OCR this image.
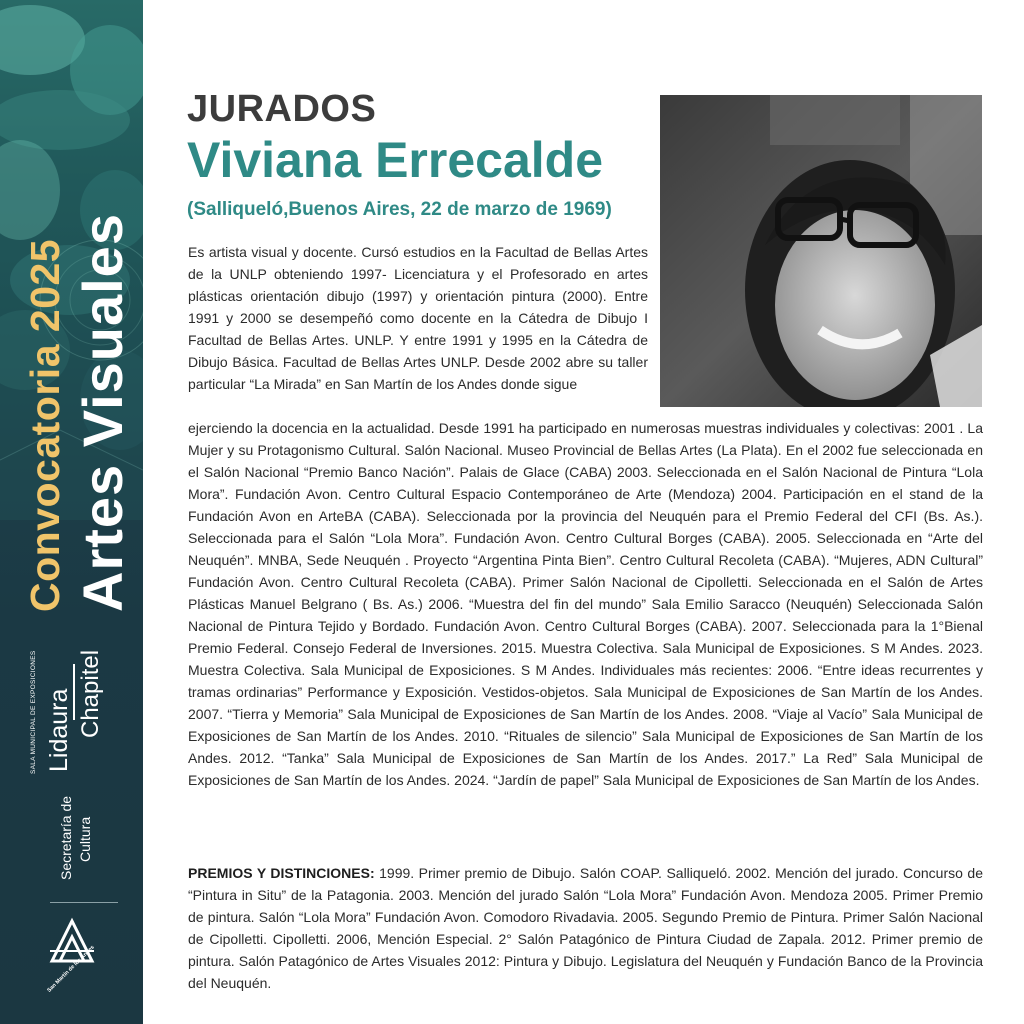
Convocatoria 2025 Artes Visuales
SALA MUNICIPAL DE EXPOSICIONES Lidaura Chapitel
Secretaría de Cultura
San Martín de los Andes
JURADOS
Viviana Errecalde
(Salliqueló,Buenos Aires, 22 de marzo de 1969)
Es artista visual y docente. Cursó estudios en la Facultad de Bellas Artes de la UNLP obteniendo 1997- Licenciatura y el Profesorado en artes plásticas orientación dibujo (1997) y orientación pintura (2000). Entre 1991 y 2000 se desempeñó como docente en la Cátedra de Dibujo I Facultad de Bellas Artes. UNLP. Y entre 1991 y 1995 en la Cátedra de Dibujo Básica. Facultad de Bellas Artes UNLP. Desde 2002 abre su taller particular “La Mirada” en San Martín de los Andes donde sigue
ejerciendo la docencia en la actualidad. Desde 1991 ha participado en numerosas muestras individuales y colectivas: 2001 . La Mujer y su Protagonismo Cultural. Salón Nacional. Museo Provincial de Bellas Artes (La Plata). En el 2002 fue seleccionada en el Salón Nacional “Premio Banco Nación”. Palais de Glace (CABA) 2003. Seleccionada en el Salón Nacional de Pintura “Lola Mora”. Fundación Avon. Centro Cultural Espacio Contemporáneo de Arte (Mendoza) 2004. Participación en el stand de la Fundación Avon en ArteBA (CABA). Seleccionada por la provincia del Neuquén para el Premio Federal del CFI (Bs. As.). Seleccionada para el Salón “Lola Mora”. Fundación Avon. Centro Cultural Borges (CABA). 2005. Seleccionada en “Arte del Neuquén”. MNBA, Sede Neuquén . Proyecto “Argentina Pinta Bien”. Centro Cultural Recoleta (CABA). “Mujeres, ADN Cultural” Fundación Avon. Centro Cultural Recoleta (CABA). Primer Salón Nacional de Cipolletti. Seleccionada en el Salón de Artes Plásticas Manuel Belgrano ( Bs. As.) 2006. “Muestra del fin del mundo” Sala Emilio Saracco (Neuquén) Seleccionada Salón Nacional de Pintura Tejido y Bordado. Fundación Avon. Centro Cultural Borges (CABA). 2007. Seleccionada para la 1°Bienal Premio Federal. Consejo Federal de Inversiones. 2015. Muestra Colectiva. Sala Municipal de Exposiciones. S M Andes. 2023. Muestra Colectiva. Sala Municipal de Exposiciones. S M Andes. Individuales más recientes: 2006. “Entre ideas recurrentes y tramas ordinarias” Performance y Exposición. Vestidos-objetos. Sala Municipal de Exposiciones de San Martín de los Andes. 2007. “Tierra y Memoria” Sala Municipal de Exposiciones de San Martín de los Andes. 2008. “Viaje al Vacío” Sala Municipal de Exposiciones de San Martín de los Andes. 2010. “Rituales de silencio” Sala Municipal de Exposiciones de San Martín de los Andes. 2012. “Tanka” Sala Municipal de Exposiciones de San Martín de los Andes. 2017.” La Red” Sala Municipal de Exposiciones de San Martín de los Andes. 2024. “Jardín de papel” Sala Municipal de Exposiciones de San Martín de los Andes.
PREMIOS Y DISTINCIONES: 1999. Primer premio de Dibujo. Salón COAP. Salliqueló. 2002. Mención del jurado. Concurso de “Pintura in Situ” de la Patagonia. 2003. Mención del jurado Salón “Lola Mora” Fundación Avon. Mendoza 2005. Primer Premio de pintura. Salón “Lola Mora” Fundación Avon. Comodoro Rivadavia. 2005. Segundo Premio de Pintura. Primer Salón Nacional de Cipolletti. Cipolletti. 2006, Mención Especial. 2° Salón Patagónico de Pintura Ciudad de Zapala. 2012. Primer premio de pintura. Salón Patagónico de Artes Visuales 2012: Pintura y Dibujo. Legislatura del Neuquén y Fundación Banco de la Provincia del Neuquén.
